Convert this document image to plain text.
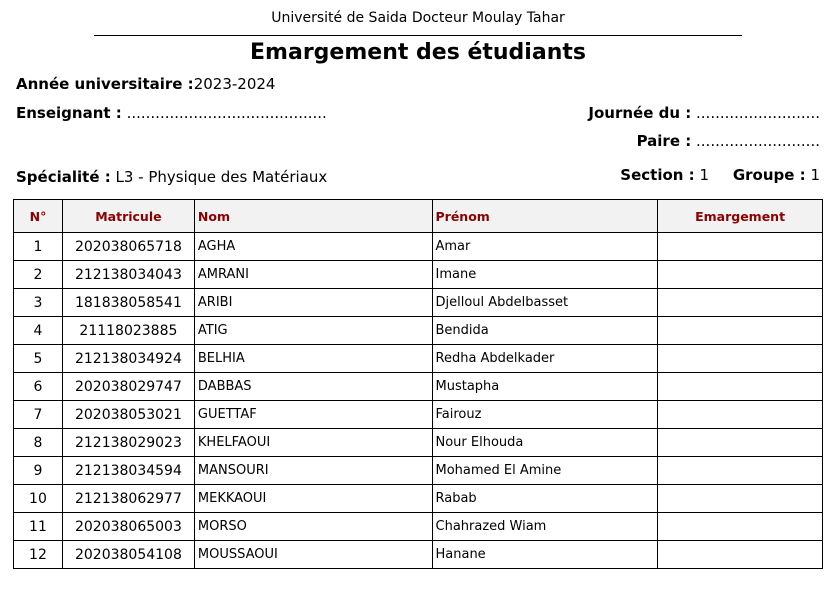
Université de Saida Docteur Moulay Tahar
Emargement des étudiants
Année universitaire :2023-2024
Enseignant : ..........................................	Journée du : ..........................
Paire : ..........................
Spécialité : L3 - Physique des Matériaux	Section : 1 Groupe : 1
N°	Matricule	Nom	Prénom	Emargement
1	202038065718	AGHA	Amar	
2	212138034043	AMRANI	Imane	
3	181838058541	ARIBI	Djelloul Abdelbasset	
4	21118023885	ATIG	Bendida	
5	212138034924	BELHIA	Redha Abdelkader	
6	202038029747	DABBAS	Mustapha	
7	202038053021	GUETTAF	Fairouz	
8	212138029023	KHELFAOUI	Nour Elhouda	
9	212138034594	MANSOURI	Mohamed El Amine	
10	212138062977	MEKKAOUI	Rabab	
11	202038065003	MORSO	Chahrazed Wiam	
12	202038054108	MOUSSAOUI	Hanane	
